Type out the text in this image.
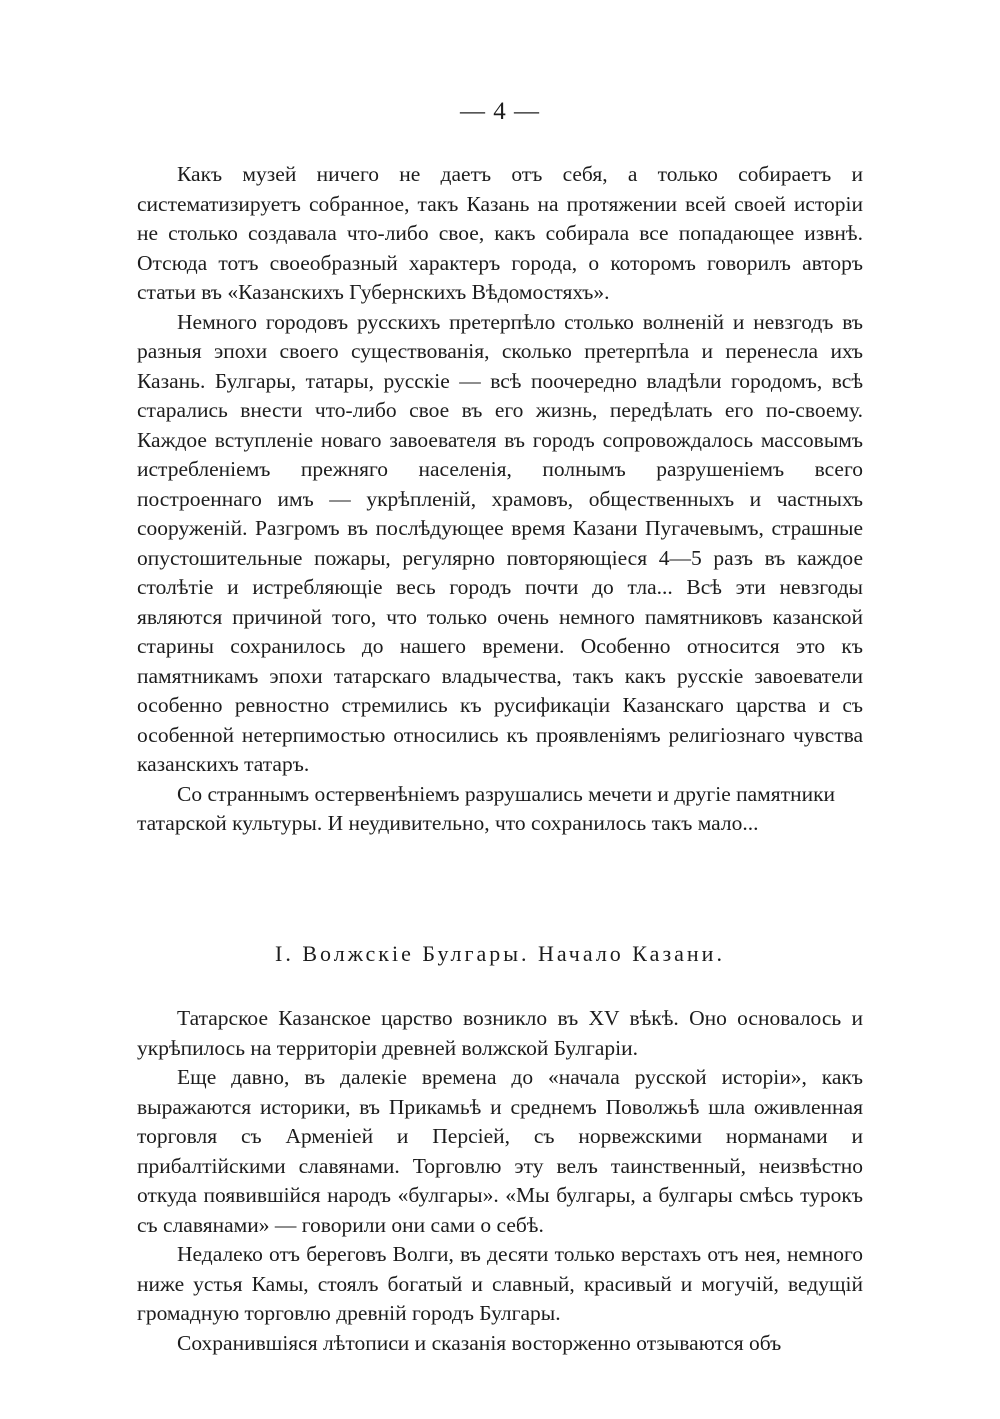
— 4 —

Какъ музей ничего не даетъ отъ себя, а только собираетъ и систематизируетъ собранное, такъ Казань на протяжении всей своей исторіи не столько создавала что-либо свое, какъ собирала все попадающее извнѣ. Отсюда тотъ своеобразный характеръ города, о которомъ говорилъ авторъ статьи въ «Казанскихъ Губернскихъ Вѣдомостяхъ».

Немного городовъ русскихъ претерпѣло столько волненій и невзгодъ въ разныя эпохи своего существованія, сколько претерпѣла и перенесла ихъ Казань. Булгары, татары, русскіе — всѣ поочередно владѣли городомъ, всѣ старались внести что-либо свое въ его жизнь, передѣлать его по-своему. Каждое вступленіе новаго завоевателя въ городъ сопровождалось массовымъ истребленіемъ прежняго населенія, полнымъ разрушеніемъ всего построеннаго имъ — укрѣпленій, храмовъ, общественныхъ и частныхъ сооруженій. Разгромъ въ послѣдующее время Казани Пугачевымъ, страшные опустошительные пожары, регулярно повторяющіеся 4—5 разъ въ каждое столѣтіе и истребляющіе весь городъ почти до тла... Всѣ эти невзгоды являются причиной того, что только очень немного памятниковъ казанской старины сохранилось до нашего времени. Особенно относится это къ памятникамъ эпохи татарскаго владычества, такъ какъ русскіе завоеватели особенно ревностно стремились къ русификаціи Казанскаго царства и съ особенной нетерпимостью относились къ проявленіямъ религіознаго чувства казанскихъ татаръ.

Со страннымъ остервенѣніемъ разрушались мечети и другіе памятники татарской культуры. И неудивительно, что сохранилось такъ мало...

I. Волжскіе Булгары. Начало Казани.

Татарское Казанское царство возникло въ XV вѣкѣ. Оно основалось и укрѣпилось на территоріи древней волжской Булгаріи.

Еще давно, въ далекіе времена до «начала русской исторіи», какъ выражаются историки, въ Прикамьѣ и среднемъ Поволжьѣ шла оживленная торговля съ Арменіей и Персіей, съ норвежскими норманами и прибалтійскими славянами. Торговлю эту велъ таинственный, неизвѣстно откуда появившійся народъ «булгары». «Мы булгары, а булгары смѣсь турокъ съ славянами» — говорили они сами о себѣ.

Недалеко отъ береговъ Волги, въ десяти только верстахъ отъ нея, немного ниже устья Камы, стоялъ богатый и славный, красивый и могучій, ведущій громадную торговлю древній городъ Булгары.

Сохранившіяся лѣтописи и сказанія восторженно отзываются объ
